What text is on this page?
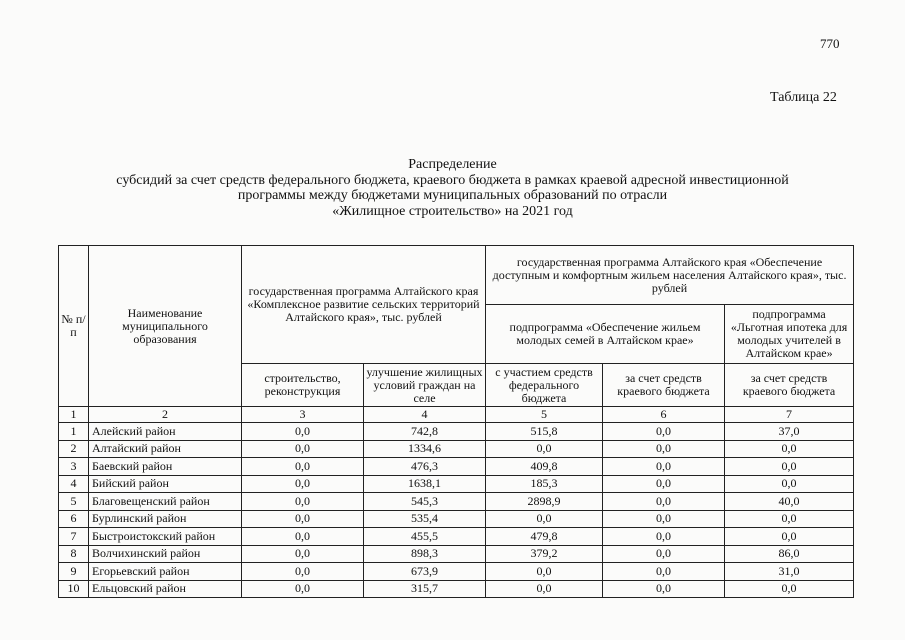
770
Таблица 22
Распределение
субсидий за счет средств федерального бюджета, краевого бюджета в рамках краевой адресной инвестиционной
программы между бюджетами муниципальных образований по отрасли
«Жилищное строительство» на 2021 год
№ п/п	Наименование муниципального образования	государственная программа Алтайского края «Комплексное развитие сельских территорий Алтайского края», тыс. рублей		государственная программа Алтайского края «Обеспечение доступным и комфортным жильем населения Алтайского края», тыс. рублей		
				подпрограмма «Обеспечение жильем молодых семей в Алтайском крае»		подпрограмма «Льготная ипотека для молодых учителей в Алтайском крае»
		строительство, реконструкция	улучшение жилищных условий граждан на селе	с участием средств федерального бюджета	за счет средств краевого бюджета	за счет средств краевого бюджета
1	2	3	4	5	6	7
1	Алейский район	0,0	742,8	515,8	0,0	37,0
2	Алтайский район	0,0	1334,6	0,0	0,0	0,0
3	Баевский район	0,0	476,3	409,8	0,0	0,0
4	Бийский район	0,0	1638,1	185,3	0,0	0,0
5	Благовещенский район	0,0	545,3	2898,9	0,0	40,0
6	Бурлинский район	0,0	535,4	0,0	0,0	0,0
7	Быстроистокский район	0,0	455,5	479,8	0,0	0,0
8	Волчихинский район	0,0	898,3	379,2	0,0	86,0
9	Егорьевский район	0,0	673,9	0,0	0,0	31,0
10	Ельцовский район	0,0	315,7	0,0	0,0	0,0
